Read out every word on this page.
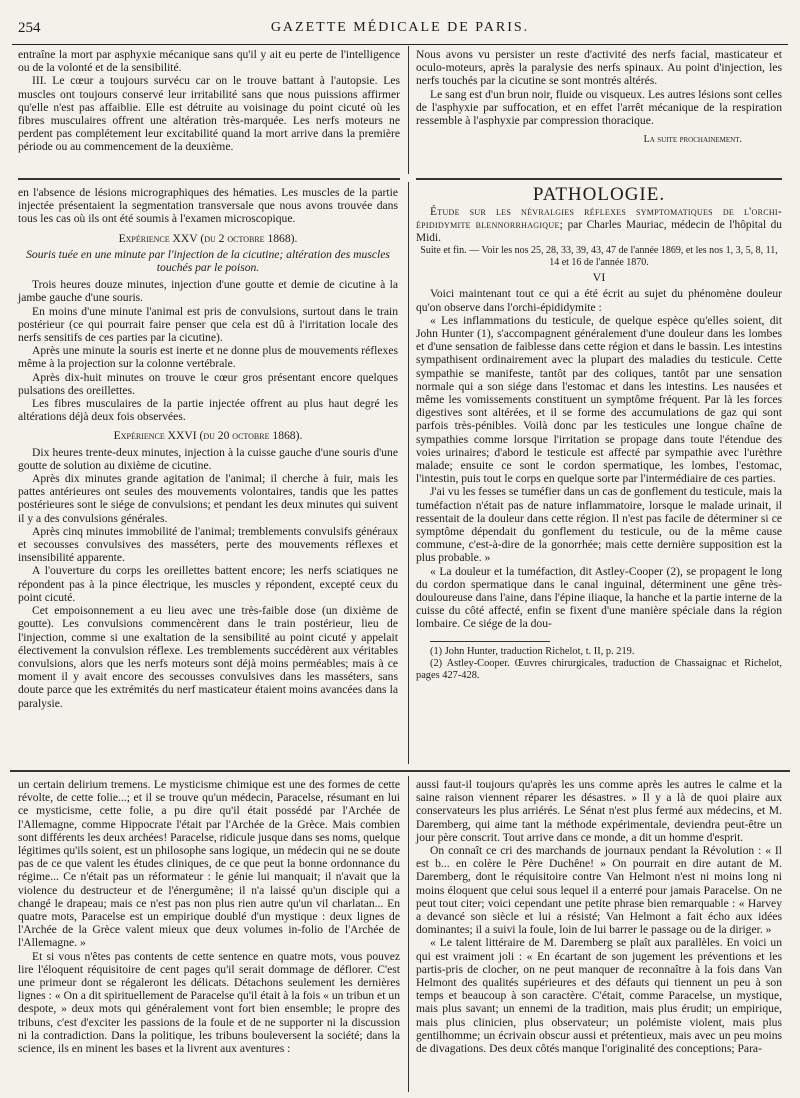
254	GAZETTE MÉDICALE DE PARIS.

entraîne la mort par asphyxie mécanique sans qu'il y ait eu perte de l'intelligence ou de la volonté et de la sensibilité.

III. Le cœur a toujours survécu car on le trouve battant à l'autopsie. Les muscles ont toujours conservé leur irritabilité sans que nous puissions affirmer qu'elle n'est pas affaiblie. Elle est détruite au voisinage du point cicuté où les fibres musculaires offrent une altération très-marquée. Les nerfs moteurs ne perdent pas complétement leur excitabilité quand la mort arrive dans la première période ou au commencement de la deuxième.

Nous avons vu persister un reste d'activité des nerfs facial, masticateur et oculo-moteurs, après la paralysie des nerfs spinaux. Au point d'injection, les nerfs touchés par la cicutine se sont montrés altérés.

Le sang est d'un brun noir, fluide ou visqueux. Les autres lésions sont celles de l'asphyxie par suffocation, et en effet l'arrêt mécanique de la respiration ressemble à l'asphyxie par compression thoracique.

La suite prochainement.

en l'absence de lésions micrographiques des hématies. Les muscles de la partie injectée présentaient la segmentation transversale que nous avons trouvée dans tous les cas où ils ont été soumis à l'examen microscopique.

Expérience XXV (du 2 octobre 1868).
Souris tuée en une minute par l'injection de la cicutine; altération des muscles touchés par le poison.

Trois heures douze minutes, injection d'une goutte et demie de cicutine à la jambe gauche d'une souris.

En moins d'une minute l'animal est pris de convulsions, surtout dans le train postérieur (ce qui pourrait faire penser que cela est dû à l'irritation locale des nerfs sensitifs de ces parties par la cicutine).

Après une minute la souris est inerte et ne donne plus de mouvements réflexes même à la projection sur la colonne vertébrale.

Après dix-huit minutes on trouve le cœur gros présentant encore quelques pulsations des oreillettes.

Les fibres musculaires de la partie injectée offrent au plus haut degré les altérations déjà deux fois observées.

Expérience XXVI (du 20 octobre 1868).

Dix heures trente-deux minutes, injection à la cuisse gauche d'une souris d'une goutte de solution au dixième de cicutine.

Après dix minutes grande agitation de l'animal; il cherche à fuir, mais les pattes antérieures ont seules des mouvements volontaires, tandis que les pattes postérieures sont le siége de convulsions; et pendant les deux minutes qui suivent il y a des convulsions générales.

Après cinq minutes immobilité de l'animal; tremblements convulsifs généraux et secousses convulsives des masséters, perte des mouvements réflexes et insensibilité apparente.

A l'ouverture du corps les oreillettes battent encore; les nerfs sciatiques ne répondent pas à la pince électrique, les muscles y répondent, excepté ceux du point cicuté.

Cet empoisonnement a eu lieu avec une très-faible dose (un dixième de goutte). Les convulsions commencèrent dans le train postérieur, lieu de l'injection, comme si une exaltation de la sensibilité au point cicuté y appelait électivement la convulsion réflexe. Les tremblements succédèrent aux véritables convulsions, alors que les nerfs moteurs sont déjà moins perméables; mais à ce moment il y avait encore des secousses convulsives dans les masséters, sans doute parce que les extrémités du nerf masticateur étaient moins avancées dans la paralysie.

PATHOLOGIE.

Étude sur les névralgies réflexes symptomatiques de l'orchi-épididymite blennorrhagique; par Charles Mauriac, médecin de l'hôpital du Midi.

Suite et fin. — Voir les nos 25, 28, 33, 39, 43, 47 de l'année 1869, et les nos 1, 3, 5, 8, 11, 14 et 16 de l'année 1870.
VI

Voici maintenant tout ce qui a été écrit au sujet du phénomène douleur qu'on observe dans l'orchi-épididymite :

« Les inflammations du testicule, de quelque espèce qu'elles soient, dit John Hunter (1), s'accompagnent généralement d'une douleur dans les lombes et d'une sensation de faiblesse dans cette région et dans le bassin. Les intestins sympathisent ordinairement avec la plupart des maladies du testicule. Cette sympathie se manifeste, tantôt par des coliques, tantôt par une sensation normale qui a son siége dans l'estomac et dans les intestins. Les nausées et même les vomissements constituent un symptôme fréquent. Par là les forces digestives sont altérées, et il se forme des accumulations de gaz qui sont parfois très-pénibles. Voilà donc par les testicules une longue chaîne de sympathies comme lorsque l'irritation se propage dans toute l'étendue des voies urinaires; d'abord le testicule est affecté par sympathie avec l'urèthre malade; ensuite ce sont le cordon spermatique, les lombes, l'estomac, l'intestin, puis tout le corps en quelque sorte par l'intermédiaire de ces parties.

J'ai vu les fesses se tuméfier dans un cas de gonflement du testicule, mais la tuméfaction n'était pas de nature inflammatoire, lorsque le malade urinait, il ressentait de la douleur dans cette région. Il n'est pas facile de déterminer si ce symptôme dépendait du gonflement du testicule, ou de la même cause commune, c'est-à-dire de la gonorrhée; mais cette dernière supposition est la plus probable. »

« La douleur et la tuméfaction, dit Astley-Cooper (2), se propagent le long du cordon spermatique dans le canal inguinal, déterminent une gêne très-douloureuse dans l'aine, dans l'épine iliaque, la hanche et la partie interne de la cuisse du côté affecté, enfin se fixent d'une manière spéciale dans la région lombaire. Ce siége de la dou-

(1) John Hunter, traduction Richelot, t. II, p. 219.

(2) Astley-Cooper. Œuvres chirurgicales, traduction de Chassaignac et Richelot, pages 427-428.

un certain delirium tremens. Le mysticisme chimique est une des formes de cette révolte, de cette folie...; et il se trouve qu'un médecin, Paracelse, résumant en lui ce mysticisme, cette folie, a pu dire qu'il était possédé par l'Archée de l'Allemagne, comme Hippocrate l'était par l'Archée de la Grèce. Mais combien sont différents les deux archées! Paracelse, ridicule jusque dans ses noms, quelque légitimes qu'ils soient, est un philosophe sans logique, un médecin qui ne se doute pas de ce que valent les études cliniques, de ce que peut la bonne ordonnance du régime... Ce n'était pas un réformateur : le génie lui manquait; il n'avait que la violence du destructeur et de l'énergumène; il n'a laissé qu'un disciple qui a changé le drapeau; mais ce n'est pas non plus rien autre qu'un vil charlatan... En quatre mots, Paracelse est un empirique doublé d'un mystique : deux lignes de l'Archée de la Grèce valent mieux que deux volumes in-folio de l'Archée de l'Allemagne. »

Et si vous n'êtes pas contents de cette sentence en quatre mots, vous pouvez lire l'éloquent réquisitoire de cent pages qu'il serait dommage de déflorer. C'est une primeur dont se régaleront les délicats. Détachons seulement les dernières lignes : « On a dit spirituellement de Paracelse qu'il était à la fois « un tribun et un despote, » deux mots qui généralement vont fort bien ensemble; le propre des tribuns, c'est d'exciter les passions de la foule et de ne supporter ni la discussion ni la contradiction. Dans la politique, les tribuns bouleversent la société; dans la science, ils en minent les bases et la livrent aux aventures :

aussi faut-il toujours qu'après les uns comme après les autres le calme et la saine raison viennent réparer les désastres. » Il y a là de quoi plaire aux conservateurs les plus arriérés. Le Sénat n'est plus fermé aux médecins, et M. Daremberg, qui aime tant la méthode expérimentale, deviendra peut-être un jour père conscrit. Tout arrive dans ce monde, a dit un homme d'esprit.

On connaît ce cri des marchands de journaux pendant la Révolution : « Il est b... en colère le Père Duchêne! » On pourrait en dire autant de M. Daremberg, dont le réquisitoire contre Van Helmont n'est ni moins long ni moins éloquent que celui sous lequel il a enterré pour jamais Paracelse. On ne peut tout citer; voici cependant une petite phrase bien remarquable : « Harvey a devancé son siècle et lui a résisté; Van Helmont a fait écho aux idées dominantes; il a suivi la foule, loin de lui barrer le passage ou de la diriger. »

« Le talent littéraire de M. Daremberg se plaît aux parallèles. En voici un qui est vraiment joli : « En écartant de son jugement les préventions et les partis-pris de clocher, on ne peut manquer de reconnaître à la fois dans Van Helmont des qualités supérieures et des défauts qui tiennent un peu à son temps et beaucoup à son caractère. C'était, comme Paracelse, un mystique, mais plus savant; un ennemi de la tradition, mais plus érudit; un empirique, mais plus clinicien, plus observateur; un polémiste violent, mais plus gentilhomme; un écrivain obscur aussi et prétentieux, mais avec un peu moins de divagations. Des deux côtés manque l'originalité des conceptions; Para-
